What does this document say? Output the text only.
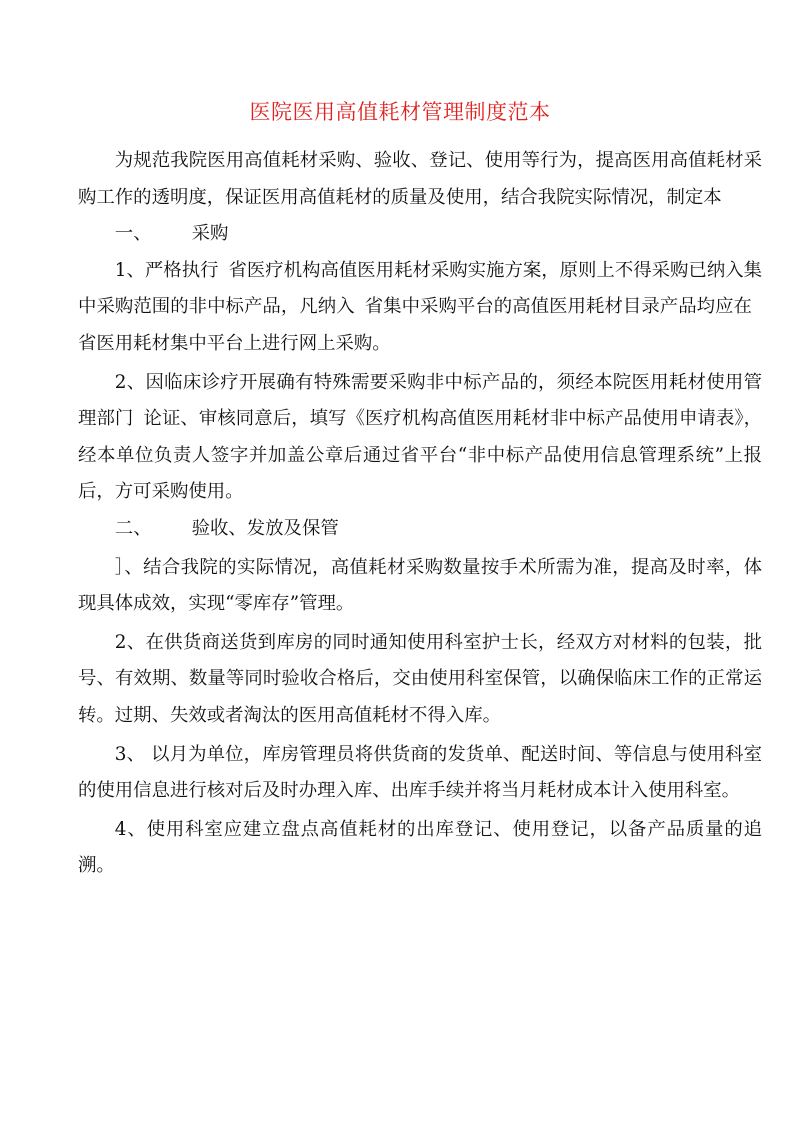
医院医用高值耗材管理制度范本

为规范我院医用高值耗材采购、验收、登记、使用等行为，提高医用高值耗材采购工作的透明度，保证医用高值耗材的质量及使用，结合我院实际情况，制定本

一、 采购

1、严格执行 省医疗机构高值医用耗材采购实施方案，原则上不得采购已纳入集中采购范围的非中标产品，凡纳入 省集中采购平台的高值医用耗材目录产品均应在省医用耗材集中平台上进行网上采购。

2、因临床诊疗开展确有特殊需要采购非中标产品的，须经本院医用耗材使用管理部门 论证、审核同意后，填写《医疗机构高值医用耗材非中标产品使用申请表》，经本单位负责人签字并加盖公章后通过省平台“非中标产品使用信息管理系统”上报后，方可采购使用。

二、 验收、发放及保管

］、结合我院的实际情况，高值耗材采购数量按手术所需为准，提高及时率，体现具体成效，实现“零库存”管理。

2、在供货商送货到库房的同时通知使用科室护士长，经双方对材料的包装，批号、有效期、数量等同时验收合格后，交由使用科室保管，以确保临床工作的正常运转。过期、失效或者淘汰的医用高值耗材不得入库。

3、 以月为单位，库房管理员将供货商的发货单、配送时间、等信息与使用科室的使用信息进行核对后及时办理入库、出库手续并将当月耗材成本计入使用科室。

4、使用科室应建立盘点高值耗材的出库登记、使用登记，以备产品质量的追溯。
